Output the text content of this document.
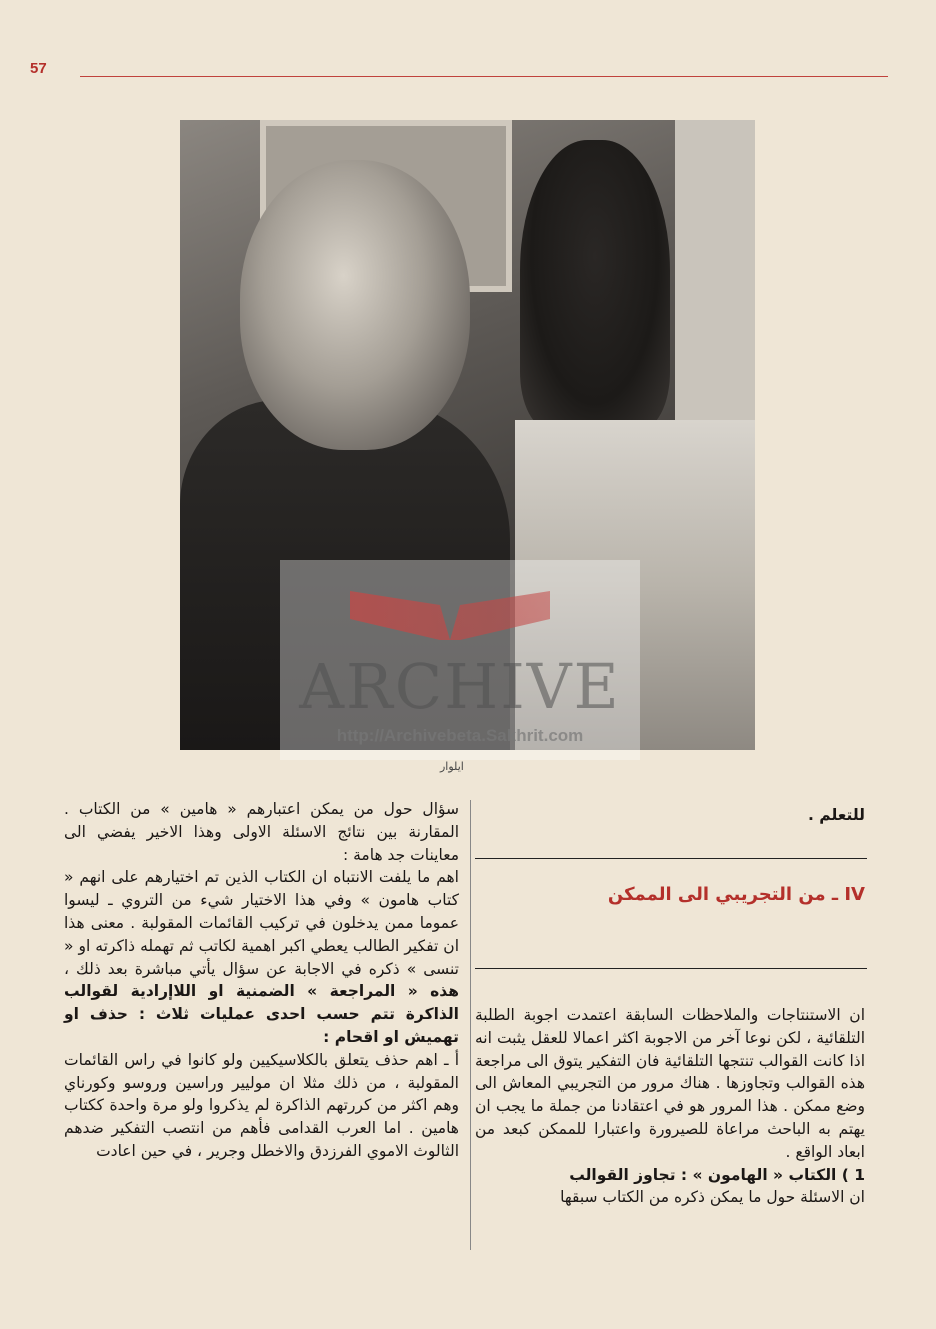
57
ايلوار
ARCHIVE
http://Archivebeta.Sakhrit.com
للتعلم .
IV ـ من التجريبي الى الممكن

ان الاستنتاجات والملاحظات السابقة اعتمدت اجوبة الطلبة التلقائية ، لكن نوعا آخر من الاجوبة اكثر اعمالا للعقل يثبت انه اذا كانت القوالب تنتجها التلقائية فان التفكير يتوق الى مراجعة هذه القوالب وتجاوزها . هناك مرور من التجريبي المعاش الى وضع ممكن . هذا المرور هو في اعتقادنا من جملة ما يجب ان يهتم به الباحث مراعاة للصيرورة واعتبارا للممكن كبعد من ابعاد الواقع .

1 ) الكتاب « الهامون » : تجاوز القوالب

ان الاسئلة حول ما يمكن ذكره من الكتاب سبقها

سؤال حول من يمكن اعتبارهم « هامين » من الكتاب . المقارنة بين نتائج الاسئلة الاولى وهذا الاخير يفضي الى معاينات جد هامة :

اهم ما يلفت الانتباه ان الكتاب الذين تم اختيارهم على انهم « كتاب هامون » وفي هذا الاختيار شيء من التروي ـ ليسوا عموما ممن يدخلون في تركيب القائمات المقولبة . معنى هذا ان تفكير الطالب يعطي اكبر اهمية لكاتب ثم تهمله ذاكرته او « تنسى » ذكره في الاجابة عن سؤال يأتي مباشرة بعد ذلك ، هذه « المراجعة » الضمنية او اللاإرادية لقوالب الذاكرة تتم حسب احدى عمليات ثلاث : حذف او تهميش او اقحام :

أ ـ اهم حذف يتعلق بالكلاسيكيين ولو كانوا في راس القائمات المقولبة ، من ذلك مثلا ان موليير وراسين وروسو وكورناي وهم اكثر من كررتهم الذاكرة لم يذكروا ولو مرة واحدة ككتاب هامين . اما العرب القدامى فأهم من انتصب التفكير ضدهم الثالوث الاموي الفرزدق والاخطل وجرير ، في حين اعادت
